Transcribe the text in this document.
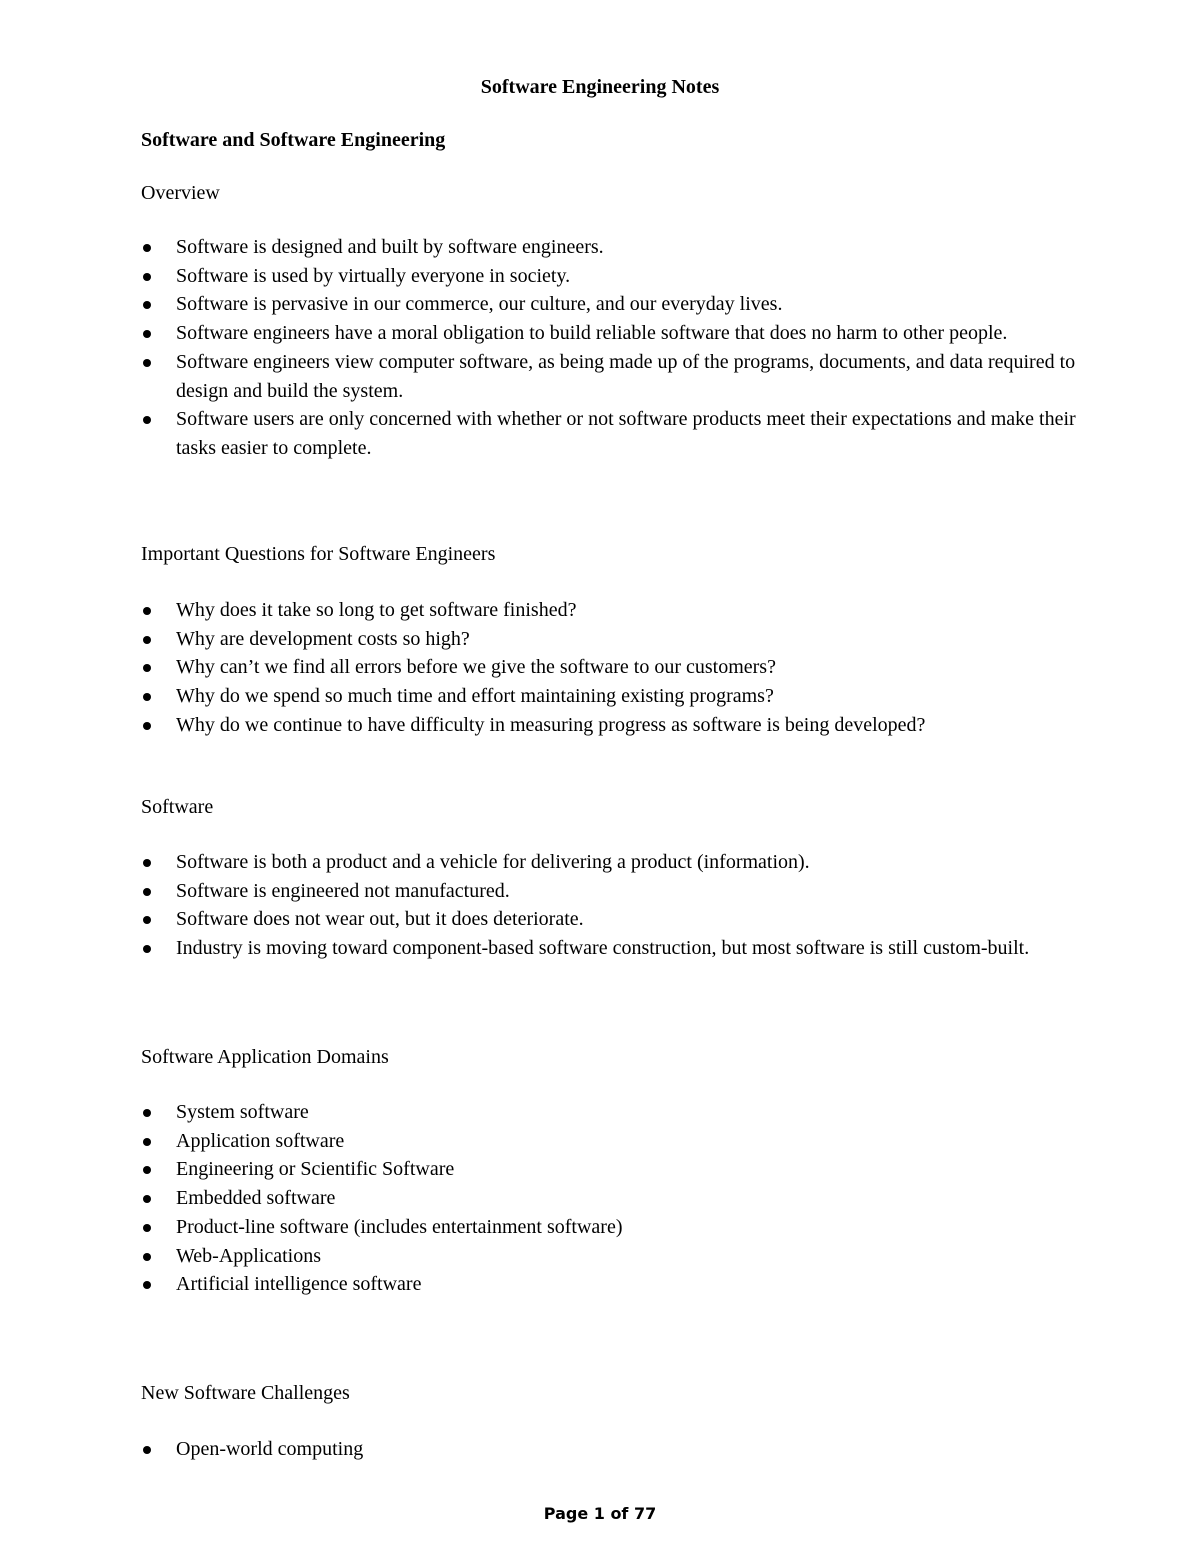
Software Engineering Notes
Software and Software Engineering
Overview
Software is designed and built by software engineers.
Software is used by virtually everyone in society.
Software is pervasive in our commerce, our culture, and our everyday lives.
Software engineers have a moral obligation to build reliable software that does no harm to other people.
Software engineers view computer software, as being made up of the programs, documents, and data required to design and build the system.
Software users are only concerned with whether or not software products meet their expectations and make their tasks easier to complete.
Important Questions for Software Engineers
Why does it take so long to get software finished?
Why are development costs so high?
Why can’t we find all errors before we give the software to our customers?
Why do we spend so much time and effort maintaining existing programs?
Why do we continue to have difficulty in measuring progress as software is being developed?
Software
Software is both a product and a vehicle for delivering a product (information).
Software is engineered not manufactured.
Software does not wear out, but it does deteriorate.
Industry is moving toward component-based software construction, but most software is still custom-built.
Software Application Domains
System software
Application software
Engineering or Scientific Software
Embedded software
Product-line software (includes entertainment software)
Web-Applications
Artificial intelligence software
New Software Challenges
Open-world computing
Page 1 of 77
